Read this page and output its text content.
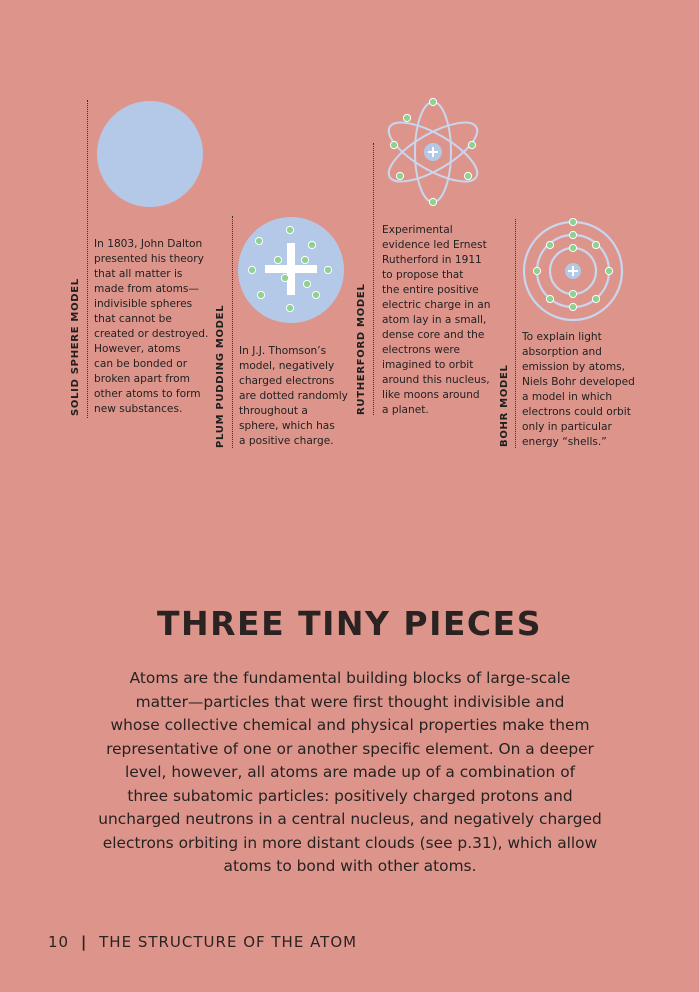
SOLID SPHERE MODEL
In 1803, John Dalton
presented his theory
that all matter is
made from atoms—
indivisible spheres
that cannot be
created or destroyed.
However, atoms
can be bonded or
broken apart from
other atoms to form
new substances.	PLUM PUDDING MODEL In J.J. Thomson’s
model, negatively
charged electrons
are dotted randomly
throughout a
sphere, which has
a positive charge.
RUTHERFORD MODEL
Experimental
evidence led Ernest
Rutherford in 1911
to propose that
the entire positive
electric charge in an
atom lay in a small,
dense core and the
electrons were
imagined to orbit
around this nucleus,
like moons around
a planet.	BOHR MODEL
To explain light
absorption and
emission by atoms,
Niels Bohr developed
a model in which
electrons could orbit
only in particular
energy “shells.”
THREE TINY PIECES
Atoms are the fundamental building blocks of large-scale
matter—particles that were first thought indivisible and
whose collective chemical and physical properties make them
representative of one or another specific element. On a deeper
level, however, all atoms are made up of a combination of
three subatomic particles: positively charged protons and
uncharged neutrons in a central nucleus, and negatively charged
electrons orbiting in more distant clouds (see p.31), which allow
atoms to bond with other atoms.
10 | THE STRUCTURE OF THE ATOM
